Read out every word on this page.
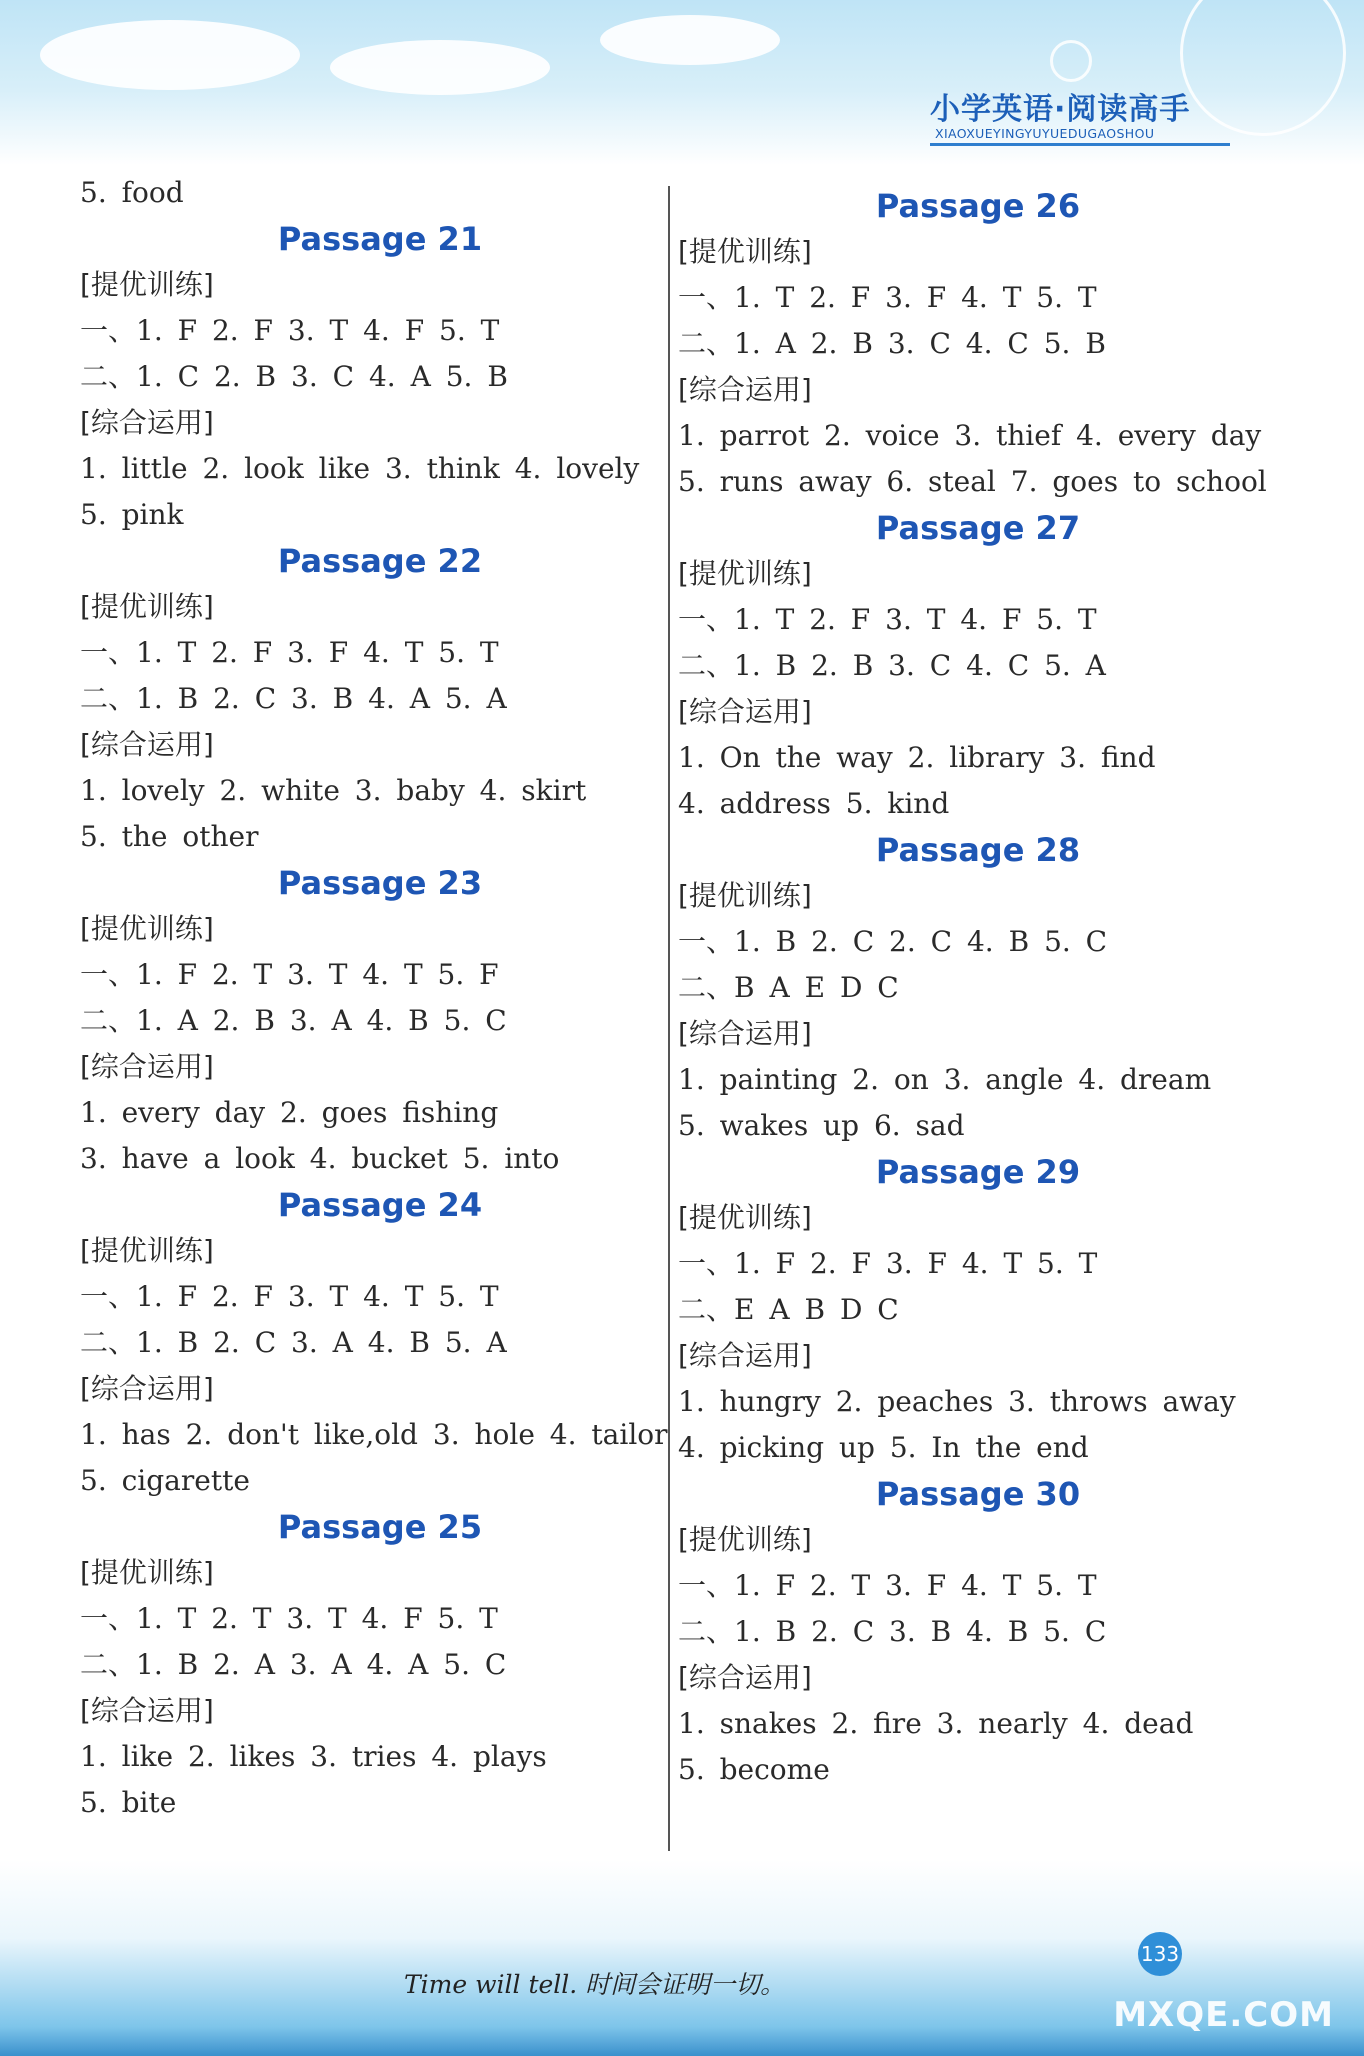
小学英语·阅读高手
XIAOXUEYINGYUYUEDUGAOSHOU
5. food
Passage 21
[提优训练]
一、1. F 2. F 3. T 4. F 5. T
二、1. C 2. B 3. C 4. A 5. B
[综合运用]
1. little 2. look like 3. think 4. lovely
5. pink
Passage 22
[提优训练]
一、1. T 2. F 3. F 4. T 5. T
二、1. B 2. C 3. B 4. A 5. A
[综合运用]
1. lovely 2. white 3. baby 4. skirt
5. the other
Passage 23
[提优训练]
一、1. F 2. T 3. T 4. T 5. F
二、1. A 2. B 3. A 4. B 5. C
[综合运用]
1. every day 2. goes fishing
3. have a look 4. bucket 5. into
Passage 24
[提优训练]
一、1. F 2. F 3. T 4. T 5. T
二、1. B 2. C 3. A 4. B 5. A
[综合运用]
1. has 2. don't like,old 3. hole 4. tailor
5. cigarette
Passage 25
[提优训练]
一、1. T 2. T 3. T 4. F 5. T
二、1. B 2. A 3. A 4. A 5. C
[综合运用]
1. like 2. likes 3. tries 4. plays
5. bite
Passage 26
[提优训练]
一、1. T 2. F 3. F 4. T 5. T
二、1. A 2. B 3. C 4. C 5. B
[综合运用]
1. parrot 2. voice 3. thief 4. every day
5. runs away 6. steal 7. goes to school
Passage 27
[提优训练]
一、1. T 2. F 3. T 4. F 5. T
二、1. B 2. B 3. C 4. C 5. A
[综合运用]
1. On the way 2. library 3. find
4. address 5. kind
Passage 28
[提优训练]
一、1. B 2. C 2. C 4. B 5. C
二、B A E D C
[综合运用]
1. painting 2. on 3. angle 4. dream
5. wakes up 6. sad
Passage 29
[提优训练]
一、1. F 2. F 3. F 4. T 5. T
二、E A B D C
[综合运用]
1. hungry 2. peaches 3. throws away
4. picking up 5. In the end
Passage 30
[提优训练]
一、1. F 2. T 3. F 4. T 5. T
二、1. B 2. C 3. B 4. B 5. C
[综合运用]
1. snakes 2. fire 3. nearly 4. dead
5. become
Time will tell. 时间会证明一切。
133
MXQE.COM
